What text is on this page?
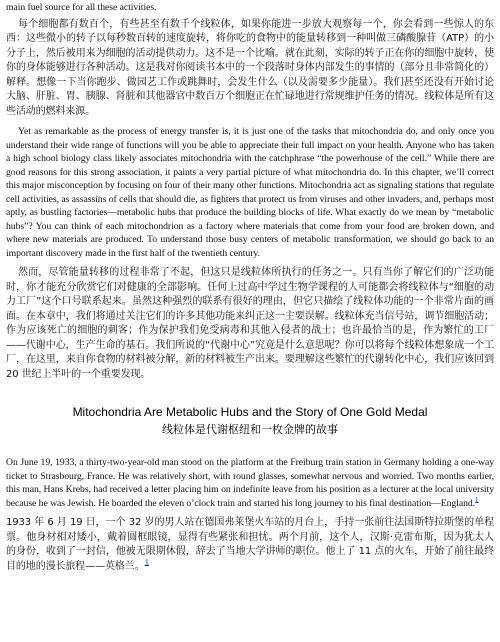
main fuel source for all these activities.

每个细胞都有数百个，有些甚至有数千个线粒体，如果你能进一步放大观察每一个，你会看到一些惊人的东西：这些微小的转子以每秒数百转的速度旋转，将你吃的食物中的能量转移到一种叫做三磷酸腺苷（ATP）的小分子上，然后被用来为细胞的活动提供动力。这不是一个比喻。就在此刻，实际的转子正在你的细胞中旋转，使你的身体能够进行各种活动。这是我对你阅读书本中的一个段落时身体内部发生的事情的（部分且非常简化的）解释。想像一下当你跑步、做园艺工作或跳舞时，会发生什么（以及需要多少能量）。我们甚至还没有开始讨论大脑、肝脏、胃、胰腺、肾脏和其他器官中数百万个细胞正在忙碌地进行常规维护任务的情况。线粒体是所有这些活动的燃料来源。

Yet as remarkable as the process of energy transfer is, it is just one of the tasks that mitochondria do, and only once you understand their wide range of functions will you be able to appreciate their full impact on your health. Anyone who has taken a high school biology class likely associates mitochondria with the catchphrase “the powerhouse of the cell.” While there are good reasons for this strong association, it paints a very partial picture of what mitochondria do. In this chapter, we’ll correct this major misconception by focusing on four of their many other functions. Mitochondria act as signaling stations that regulate cell activities, as assassins of cells that should die, as fighters that protect us from viruses and other invaders, and, perhaps most aptly, as bustling factories—metabolic hubs that produce the building blocks of life. What exactly do we mean by “metabolic hubs”? You can think of each mitochondrion as a factory where materials that come from your food are broken down, and where new materials are produced. To understand those busy centers of metabolic transformation, we should go back to an important discovery made in the first half of the twentieth century.

然而，尽管能量转移的过程非常了不起，但这只是线粒体所执行的任务之一。只有当你了解它们的广泛功能时，你才能充分欣赏它们对健康的全部影响。任何上过高中学过生物学课程的人可能都会将线粒体与“细胞的动力工厂”这个口号联系起来。虽然这种强烈的联系有很好的理由，但它只描绘了线粒体功能的一个非常片面的画面。在本章中，我们将通过关注它们的许多其他功能来纠正这一主要误解。线粒体充当信号站，调节细胞活动；作为应该死亡的细胞的刺客；作为保护我们免受病毒和其他入侵者的战士；也许最恰当的是，作为繁忙的工厂——代谢中心，生产生命的基石。我们所说的“代谢中心”究竟是什么意思呢？你可以将每个线粒体想象成一个工厂，在这里，来自你食物的材料被分解，新的材料被生产出来。要理解这些繁忙的代谢转化中心，我们应该回到 20 世纪上半叶的一个重要发现。

Mitochondria Are Metabolic Hubs and the Story of One Gold Medal
线粒体是代谢枢纽和一枚金牌的故事

On June 19, 1933, a thirty-two-year-old man stood on the platform at the Freiburg train station in Germany holding a one-way ticket to Strasbourg, France. He was relatively short, with round glasses, somewhat nervous and worried. Two months earlier, this man, Hans Krebs, had received a letter placing him on indefinite leave from his position as a lecturer at the local university because he was Jewish. He boarded the eleven o’clock train and started his long journey to his final destination—England.$^1$

1933 年 6 月 19 日，一个 32 岁的男人站在德国弗莱堡火车站的月台上，手持一张前往法国斯特拉斯堡的单程票。他身材相对矮小，戴着圆框眼镜，显得有些紧张和担忧。两个月前，这个人，汉斯·克雷布斯，因为犹太人的身份，收到了一封信，他被无限期休假，辞去了当地大学讲师的职位。他上了 11 点的火车，开始了前往最终目的地的漫长旅程——英格兰。$^1$
